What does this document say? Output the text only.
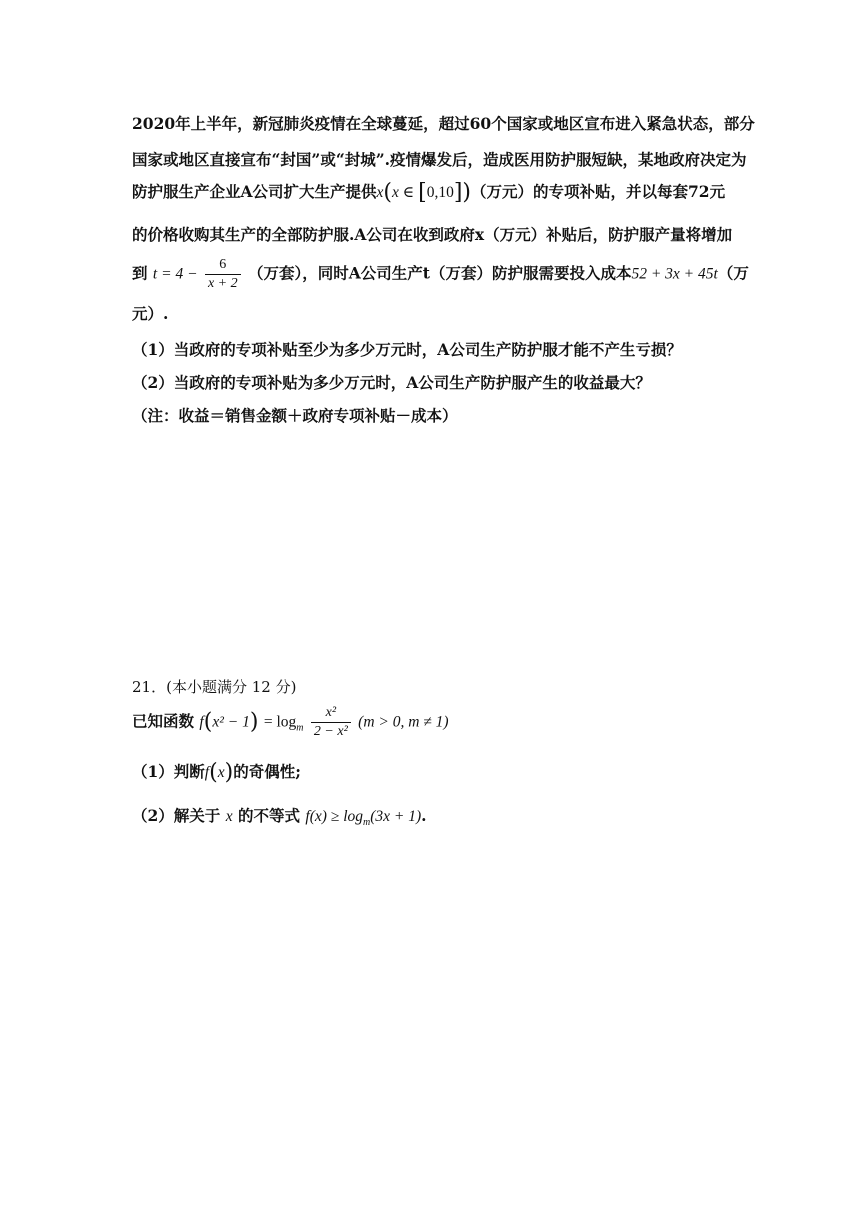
2020年上半年，新冠肺炎疫情在全球蔓延，超过60个国家或地区宣布进入紧急状态，部分
国家或地区直接宣布“封国”或“封城”.疫情爆发后，造成医用防护服短缺，某地政府决定为
防护服生产企业A公司扩大生产提供x(x ∈ [0,10])（万元）的专项补贴，并以每套72元
的价格收购其生产的全部防护服.A公司在收到政府x（万元）补贴后，防护服产量将增加
到 $t = 4 - \frac{6}{x + 2}$ （万套），同时A公司生产t（万套）防护服需要投入成本52 + 3x + 45t（万
元）.
（1）当政府的专项补贴至少为多少万元时，A公司生产防护服才能不产生亏损？
（2）当政府的专项补贴为多少万元时，A公司生产防护服产生的收益最大？
（注：收益＝销售金额＋政府专项补贴－成本）
21．(本小题满分 12 分)
已知函数 $f(x^2 - 1) = \log_m \frac{\text{x²}}{\text{2 − x²}} (m > 0$, m ≠ 1)
（1）判断f(x)的奇偶性;
（2）解关于 x 的不等式 $f(x) \ge \log_m(3x + 1)$.
